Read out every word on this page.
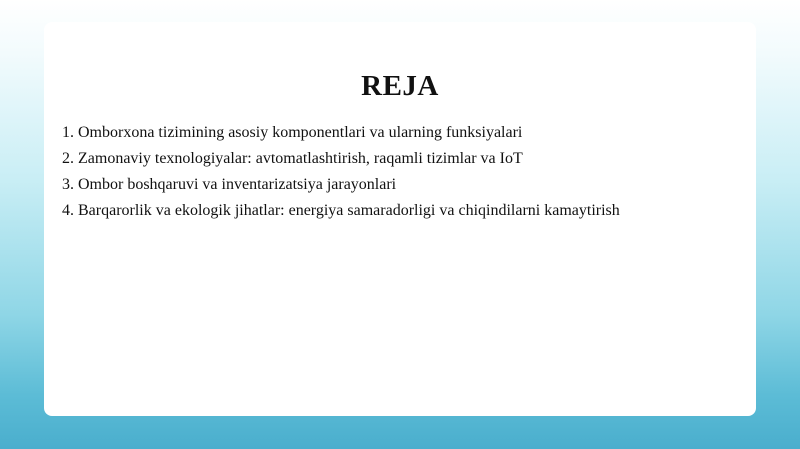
REJA
1. Omborxona tizimining asosiy komponentlari va ularning funksiyalari
2. Zamonaviy texnologiyalar: avtomatlashtirish, raqamli tizimlar va IoT
3. Ombor boshqaruvi va inventarizatsiya jarayonlari
4. Barqarorlik va ekologik jihatlar: energiya samaradorligi va chiqindilarni kamaytirish
